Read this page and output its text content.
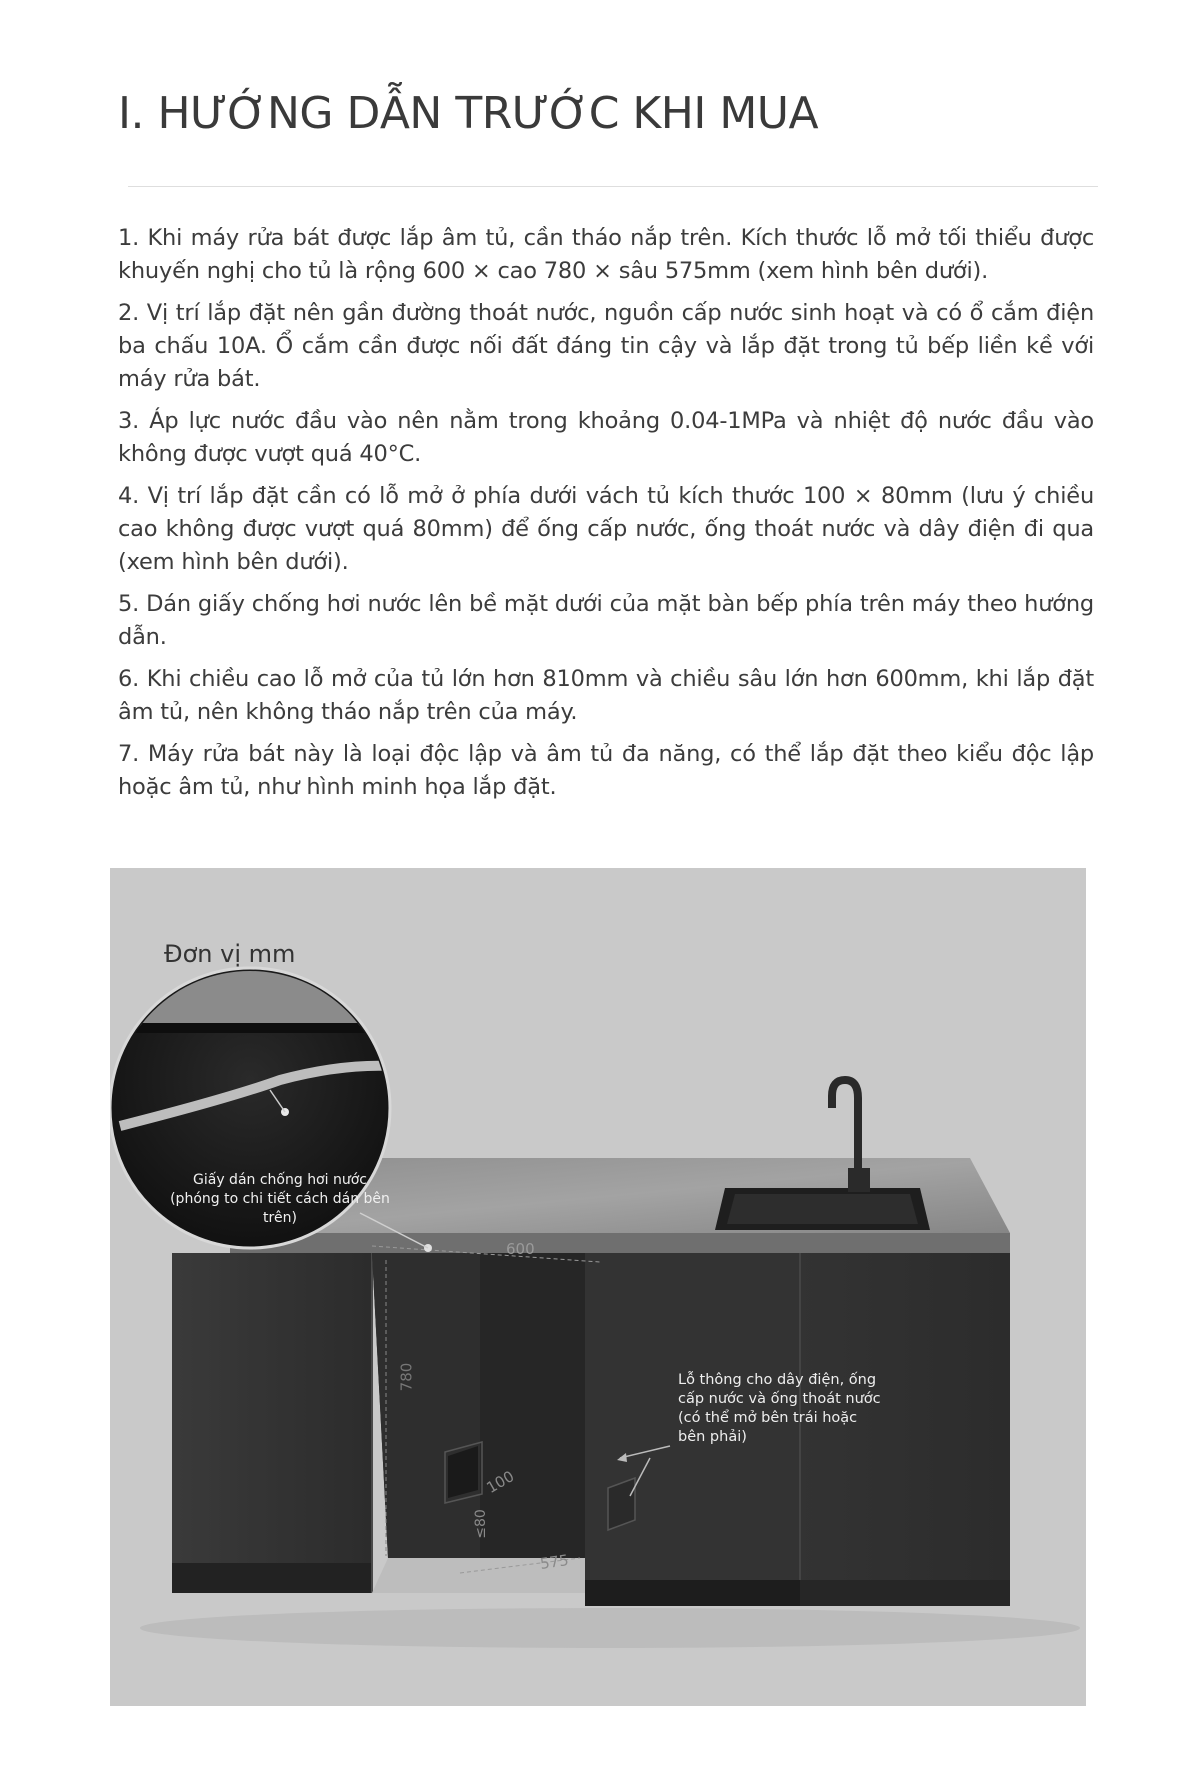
I. HƯỚNG DẪN TRƯỚC KHI MUA
1. Khi máy rửa bát được lắp âm tủ, cần tháo nắp trên. Kích thước lỗ mở tối thiểu được khuyến nghị cho tủ là rộng 600 × cao 780 × sâu 575mm (xem hình bên dưới).
2. Vị trí lắp đặt nên gần đường thoát nước, nguồn cấp nước sinh hoạt và có ổ cắm điện ba chấu 10A. Ổ cắm cần được nối đất đáng tin cậy và lắp đặt trong tủ bếp liền kề với máy rửa bát.
3. Áp lực nước đầu vào nên nằm trong khoảng 0.04-1MPa và nhiệt độ nước đầu vào không được vượt quá 40°C.
4. Vị trí lắp đặt cần có lỗ mở ở phía dưới vách tủ kích thước 100 × 80mm (lưu ý chiều cao không được vượt quá 80mm) để ống cấp nước, ống thoát nước và dây điện đi qua (xem hình bên dưới).
5. Dán giấy chống hơi nước lên bề mặt dưới của mặt bàn bếp phía trên máy theo hướng dẫn.
6. Khi chiều cao lỗ mở của tủ lớn hơn 810mm và chiều sâu lớn hơn 600mm, khi lắp đặt âm tủ, nên không tháo nắp trên của máy.
7. Máy rửa bát này là loại độc lập và âm tủ đa năng, có thể lắp đặt theo kiểu độc lập hoặc âm tủ, như hình minh họa lắp đặt.
Đơn vị mm
Giấy dán chống hơi nước (phóng to chi tiết cách dán bên trên)
Lỗ thông cho dây điện, ống cấp nước và ống thoát nước (có thể mở bên trái hoặc bên phải)
600
780
100
≤80
575
